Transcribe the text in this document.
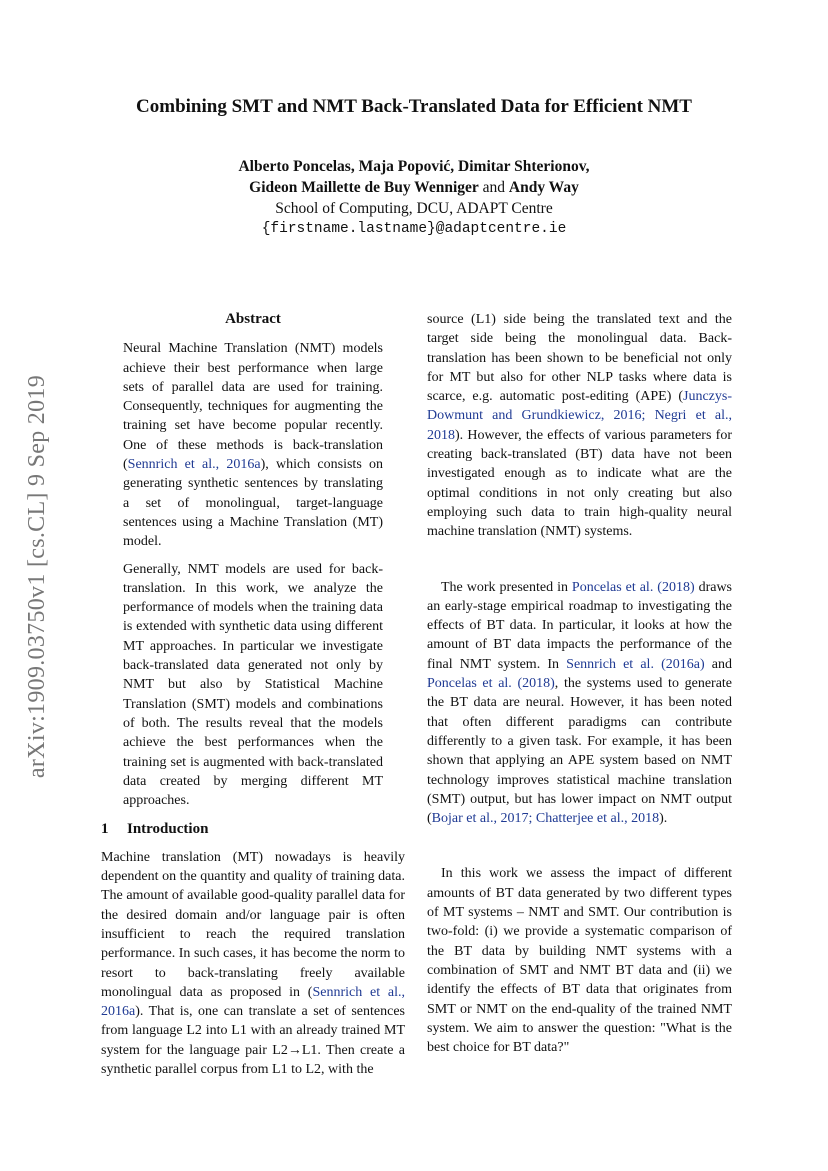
Combining SMT and NMT Back-Translated Data for Efficient NMT
Alberto Poncelas, Maja Popović, Dimitar Shterionov,
Gideon Maillette de Buy Wenniger and Andy Way
School of Computing, DCU, ADAPT Centre
{firstname.lastname}@adaptcentre.ie
arXiv:1909.03750v1 [cs.CL] 9 Sep 2019
Abstract

Neural Machine Translation (NMT) models achieve their best performance when large sets of parallel data are used for training. Consequently, techniques for augmenting the training set have become popular recently. One of these methods is back-translation (Sennrich et al., 2016a), which consists on generating synthetic sentences by translating a set of monolingual, target-language sentences using a Machine Translation (MT) model.

Generally, NMT models are used for back-translation. In this work, we analyze the performance of models when the training data is extended with synthetic data using different MT approaches. In particular we investigate back-translated data generated not only by NMT but also by Statistical Machine Translation (SMT) models and combinations of both. The results reveal that the models achieve the best performances when the training set is augmented with back-translated data created by merging different MT approaches.

1 Introduction

Machine translation (MT) nowadays is heavily dependent on the quantity and quality of training data. The amount of available good-quality parallel data for the desired domain and/or language pair is often insufficient to reach the required translation performance. In such cases, it has become the norm to resort to back-translating freely available monolingual data as proposed in (Sennrich et al., 2016a). That is, one can translate a set of sentences from language L2 into L1 with an already trained MT system for the language pair L2→L1. Then create a synthetic parallel corpus from L1 to L2, with the

source (L1) side being the translated text and the target side being the monolingual data. Back-translation has been shown to be beneficial not only for MT but also for other NLP tasks where data is scarce, e.g. automatic post-editing (APE) (Junczys-Dowmunt and Grundkiewicz, 2016; Negri et al., 2018). However, the effects of various parameters for creating back-translated (BT) data have not been investigated enough as to indicate what are the optimal conditions in not only creating but also employing such data to train high-quality neural machine translation (NMT) systems.

The work presented in Poncelas et al. (2018) draws an early-stage empirical roadmap to investigating the effects of BT data. In particular, it looks at how the amount of BT data impacts the performance of the final NMT system. In Sennrich et al. (2016a) and Poncelas et al. (2018), the systems used to generate the BT data are neural. However, it has been noted that often different paradigms can contribute differently to a given task. For example, it has been shown that applying an APE system based on NMT technology improves statistical machine translation (SMT) output, but has lower impact on NMT output (Bojar et al., 2017; Chatterjee et al., 2018).

In this work we assess the impact of different amounts of BT data generated by two different types of MT systems – NMT and SMT. Our contribution is two-fold: (i) we provide a systematic comparison of the BT data by building NMT systems with a combination of SMT and NMT BT data and (ii) we identify the effects of BT data that originates from SMT or NMT on the end-quality of the trained NMT system. We aim to answer the question: "What is the best choice for BT data?"
